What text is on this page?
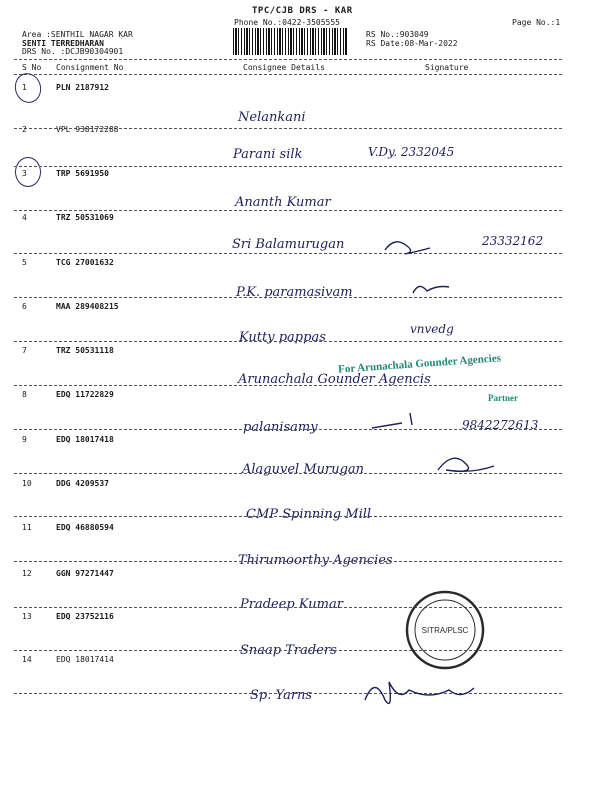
TPC/CJB DRS - KAR
Phone No.:0422-3505555	Page No.:1
Area :SENTHIL NAGAR KAR
SENTI TERREDHARAN
DRS No. :DCJB90304901
RS No.:903049
RS Date:08-Mar-2022
S No Consignment No	Consignee Details	Signature
1	PLN 2187912
Nelankani
2	VPL 938172288
Parani silk	V.Dy. 2332045
3	TRP 5691950
Ananth Kumar
4	TRZ 50531069
Sri Balamurugan	23332162
5	TCG 27001632
P.K. paramasivam
6	MAA 289408215
Kutty pappas
vnvedg
7	TRZ 50531118
Arunachala Gounder Agencis
For Arunachala Gounder Agencies
8	EDQ 11722829	Partner
palanisamy	9842272613
9	EDQ 18017418
Alaguvel Murugan
10	DDG 4209537
CMP Spinning Mill
11	EDQ 46880594
Thirumoorthy Agencies
12	GGN 97271447
Pradeep Kumar
13	EDQ 23752116
Snaap Traders
14	EDQ 18017414
Sp. Yarns
SITRA/PLSC
